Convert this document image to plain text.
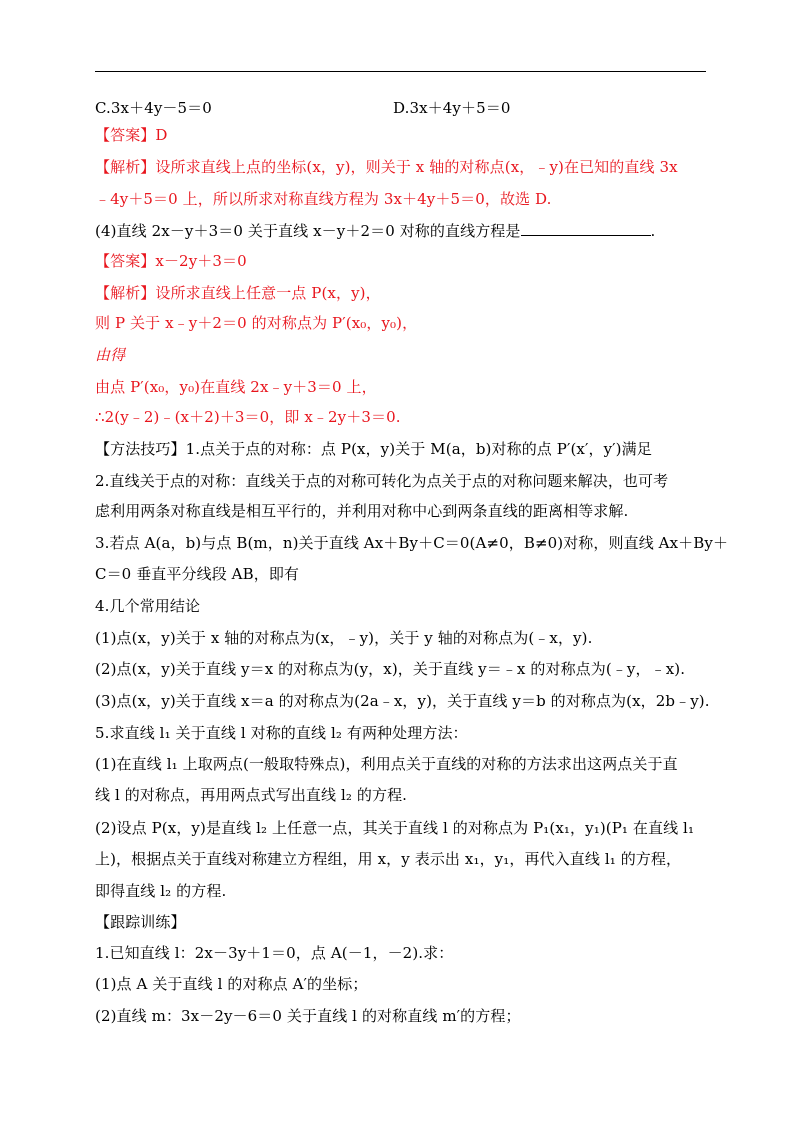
C.3x＋4y－5＝0	D.3x＋4y＋5＝0
【答案】D
【解析】设所求直线上点的坐标(x，y)，则关于 x 轴的对称点(x，﹣y)在已知的直线 3x
﹣4y＋5＝0 上，所以所求对称直线方程为 3x＋4y＋5＝0，故选 D.
(4)直线 2x－y＋3＝0 关于直线 x－y＋2＝0 对称的直线方程是	.
【答案】x－2y＋3＝0
【解析】设所求直线上任意一点 P(x，y)，
则 P 关于 x﹣y＋2＝0 的对称点为 P′(x₀，y₀)，
由得
由点 P′(x₀，y₀)在直线 2x﹣y＋3＝0 上，
∴2(y﹣2)﹣(x＋2)＋3＝0，即 x﹣2y＋3＝0.
【方法技巧】1.点关于点的对称：点 P(x，y)关于 M(a，b)对称的点 P′(x′，y′)满足
2.直线关于点的对称：直线关于点的对称可转化为点关于点的对称问题来解决，也可考
虑利用两条对称直线是相互平行的，并利用对称中心到两条直线的距离相等求解.
3.若点 A(a，b)与点 B(m，n)关于直线 Ax＋By＋C＝0(A≠0，B≠0)对称，则直线 Ax＋By＋
C＝0 垂直平分线段 AB，即有
4.几个常用结论
(1)点(x，y)关于 x 轴的对称点为(x，﹣y)，关于 y 轴的对称点为(﹣x，y).
(2)点(x，y)关于直线 y＝x 的对称点为(y，x)，关于直线 y＝﹣x 的对称点为(﹣y，﹣x).
(3)点(x，y)关于直线 x＝a 的对称点为(2a﹣x，y)，关于直线 y＝b 的对称点为(x，2b﹣y).
5.求直线 l₁ 关于直线 l 对称的直线 l₂ 有两种处理方法：
(1)在直线 l₁ 上取两点(一般取特殊点)，利用点关于直线的对称的方法求出这两点关于直
线 l 的对称点，再用两点式写出直线 l₂ 的方程.
(2)设点 P(x，y)是直线 l₂ 上任意一点，其关于直线 l 的对称点为 P₁(x₁，y₁)(P₁ 在直线 l₁
上)，根据点关于直线对称建立方程组，用 x，y 表示出 x₁，y₁，再代入直线 l₁ 的方程，
即得直线 l₂ 的方程.
【跟踪训练】
1.已知直线 l：2x－3y＋1＝0，点 A(－1，－2).求：
(1)点 A 关于直线 l 的对称点 A′的坐标；
(2)直线 m：3x－2y－6＝0 关于直线 l 的对称直线 m′的方程；
